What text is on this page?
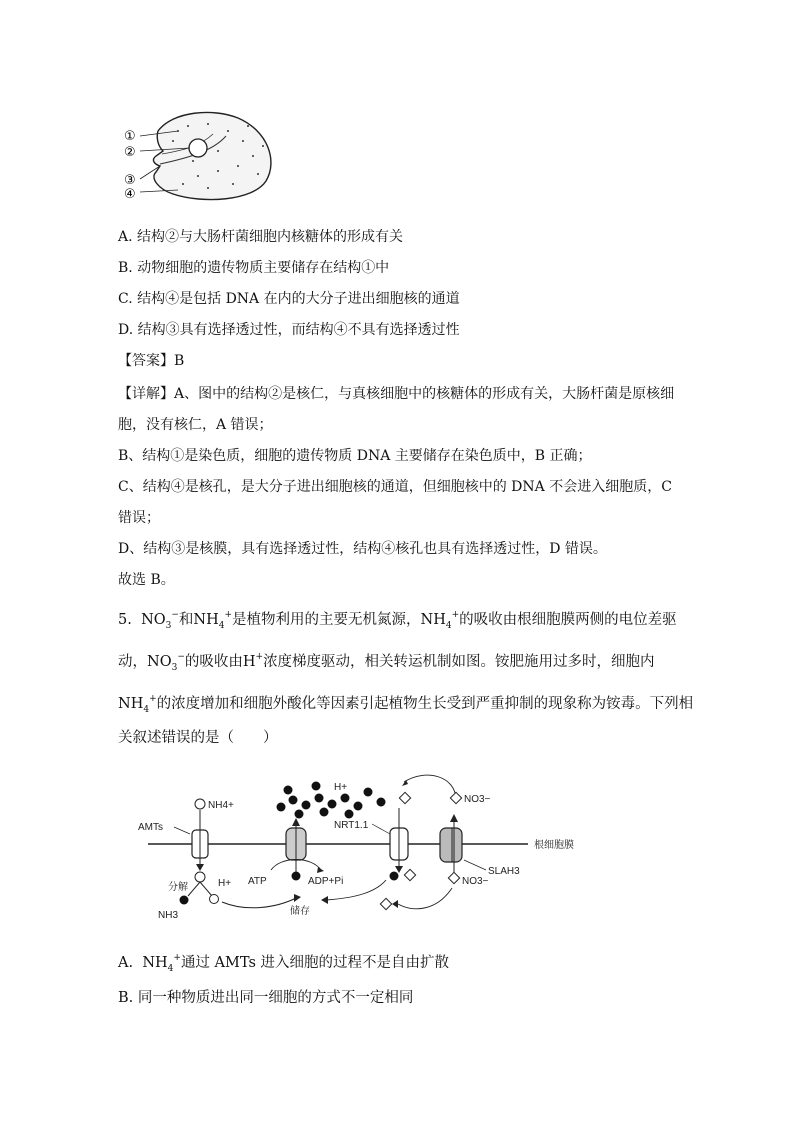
①
②
③
④
A. 结构②与大肠杆菌细胞内核糖体的形成有关
B. 动物细胞的遗传物质主要储存在结构①中
C. 结构④是包括 DNA 在内的大分子进出细胞核的通道
D. 结构③具有选择透过性，而结构④不具有选择透过性
【答案】B
【详解】A、图中的结构②是核仁，与真核细胞中的核糖体的形成有关，大肠杆菌是原核细
胞，没有核仁，A 错误；
B、结构①是染色质，细胞的遗传物质 DNA 主要储存在染色质中，B 正确；
C、结构④是核孔，是大分子进出细胞核的通道，但细胞核中的 DNA 不会进入细胞质，C
错误；
D、结构③是核膜，具有选择透过性，结构④核孔也具有选择透过性，D 错误。
故选 B。
5. $NO_3^-$和$NH_4^+$是植物利用的主要无机氮源，$NH_4^+$的吸收由根细胞膜两侧的电位差驱
动，$NO_3^-$的吸收由H+浓度梯度驱动，相关转运机制如图。铵肥施用过多时，细胞内
$NH_4^+$的浓度增加和细胞外酸化等因素引起植物生长受到严重抑制的现象称为铵毒。下列相
关叙述错误的是（　　）
根细胞膜
AMTs
NH4+
分解	H+
NH3
ATP	ADP+Pi
储存
H+
NRT1.1
NO3−
SLAH3
NO3−
A. $NH_4^+$通过 AMTs 进入细胞的过程不是自由扩散
B. 同一种物质进出同一细胞的方式不一定相同
